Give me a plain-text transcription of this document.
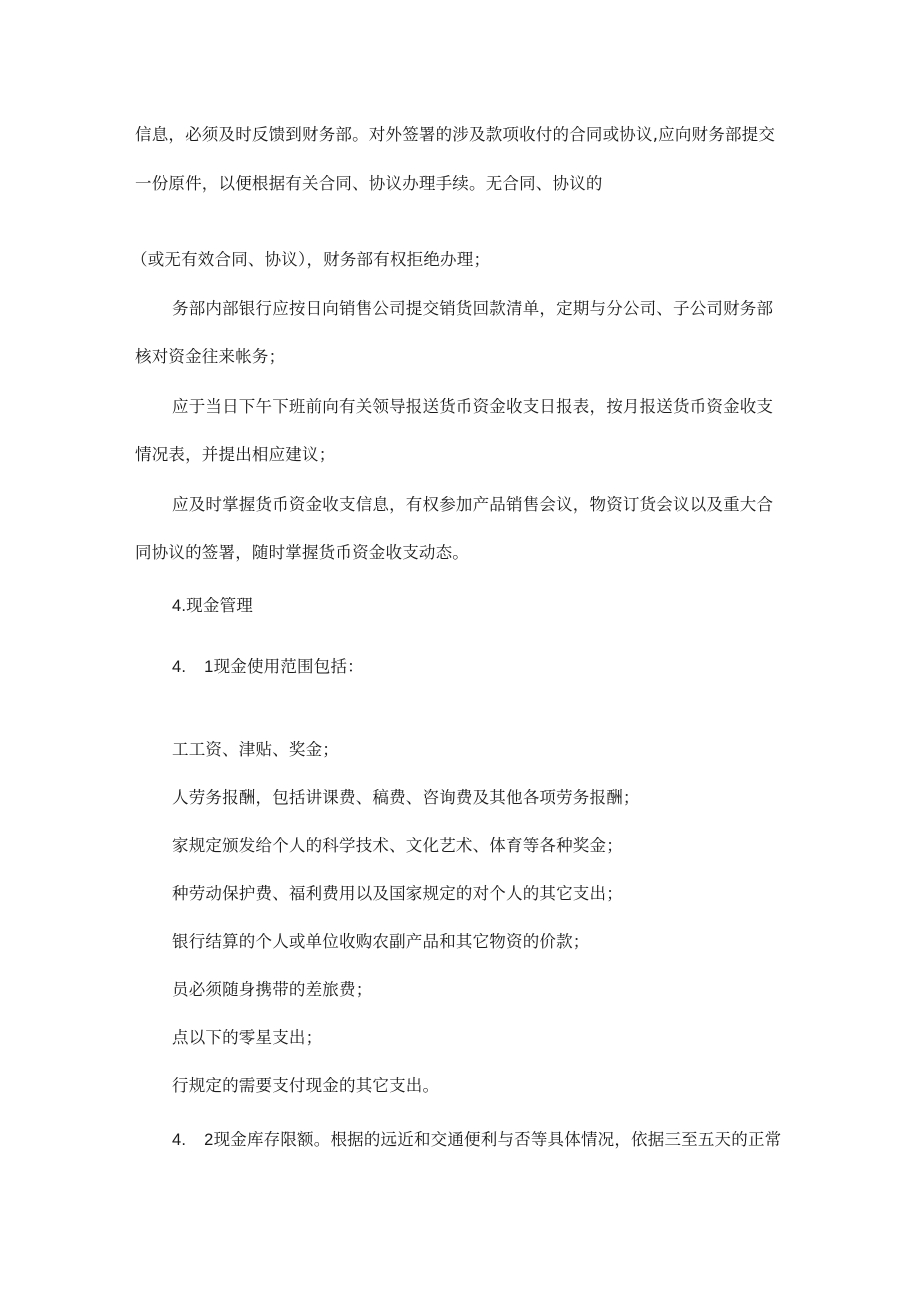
信息，必须及时反馈到财务部。对外签署的涉及款项收付的合同或协议,应向财务部提交
一份原件，以便根据有关合同、协议办理手续。无合同、协议的
（或无有效合同、协议），财务部有权拒绝办理；
务部内部银行应按日向销售公司提交销货回款清单，定期与分公司、子公司财务部
核对资金往来帐务；
应于当日下午下班前向有关领导报送货币资金收支日报表，按月报送货币资金收支
情况表，并提出相应建议；
应及时掌握货币资金收支信息，有权参加产品销售会议，物资订货会议以及重大合
同协议的签署，随时掌握货币资金收支动态。
4.现金管理
4. 1现金使用范围包括：
工工资、津贴、奖金；
人劳务报酬，包括讲课费、稿费、咨询费及其他各项劳务报酬；
家规定颁发给个人的科学技术、文化艺术、体育等各种奖金；
种劳动保护费、福利费用以及国家规定的对个人的其它支出；
银行结算的个人或单位收购农副产品和其它物资的价款；
员必须随身携带的差旅费；
点以下的零星支出；
行规定的需要支付现金的其它支出。
4. 2现金库存限额。根据的远近和交通便利与否等具体情况，依据三至五天的正常
